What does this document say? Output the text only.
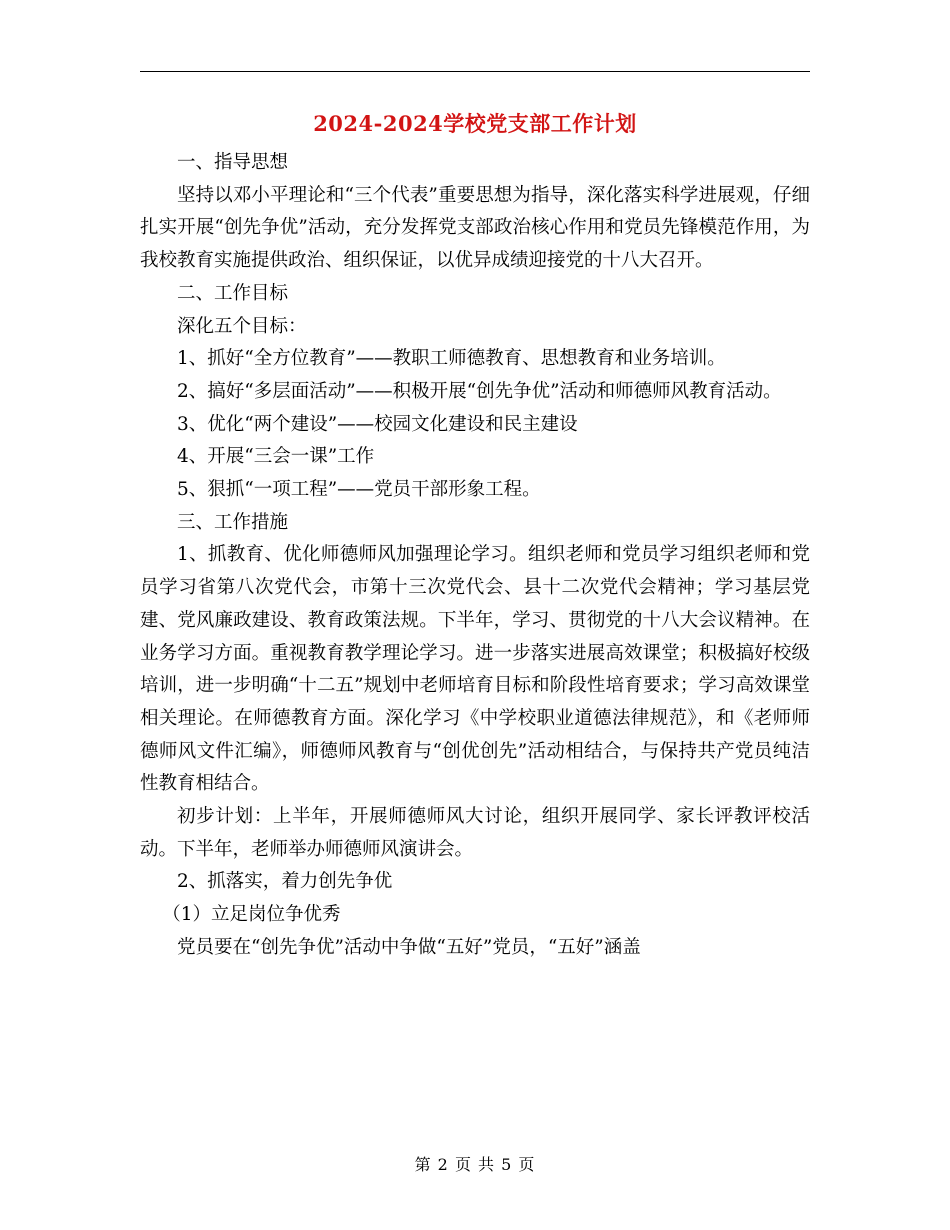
2024-2024学校党支部工作计划

一、指导思想

坚持以邓小平理论和“三个代表”重要思想为指导，深化落实科学进展观，仔细扎实开展“创先争优”活动，充分发挥党支部政治核心作用和党员先锋模范作用，为我校教育实施提供政治、组织保证，以优异成绩迎接党的十八大召开。

二、工作目标

深化五个目标：

1、抓好“全方位教育”——教职工师德教育、思想教育和业务培训。

2、搞好“多层面活动”——积极开展“创先争优”活动和师德师风教育活动。

3、优化“两个建设”——校园文化建设和民主建设

4、开展“三会一课”工作

5、狠抓“一项工程”——党员干部形象工程。

三、工作措施

1、抓教育、优化师德师风加强理论学习。组织老师和党员学习组织老师和党员学习省第八次党代会，市第十三次党代会、县十二次党代会精神；学习基层党建、党风廉政建设、教育政策法规。下半年，学习、贯彻党的十八大会议精神。在业务学习方面。重视教育教学理论学习。进一步落实进展高效课堂；积极搞好校级培训，进一步明确“十二五”规划中老师培育目标和阶段性培育要求；学习高效课堂相关理论。在师德教育方面。深化学习《中学校职业道德法律规范》，和《老师师德师风文件汇编》，师德师风教育与“创优创先”活动相结合，与保持共产党员纯洁性教育相结合。

初步计划：上半年，开展师德师风大讨论，组织开展同学、家长评教评校活动。下半年，老师举办师德师风演讲会。

2、抓落实，着力创先争优

（1）立足岗位争优秀

党员要在“创先争优”活动中争做“五好”党员，“五好”涵盖

第 2 页 共 5 页
